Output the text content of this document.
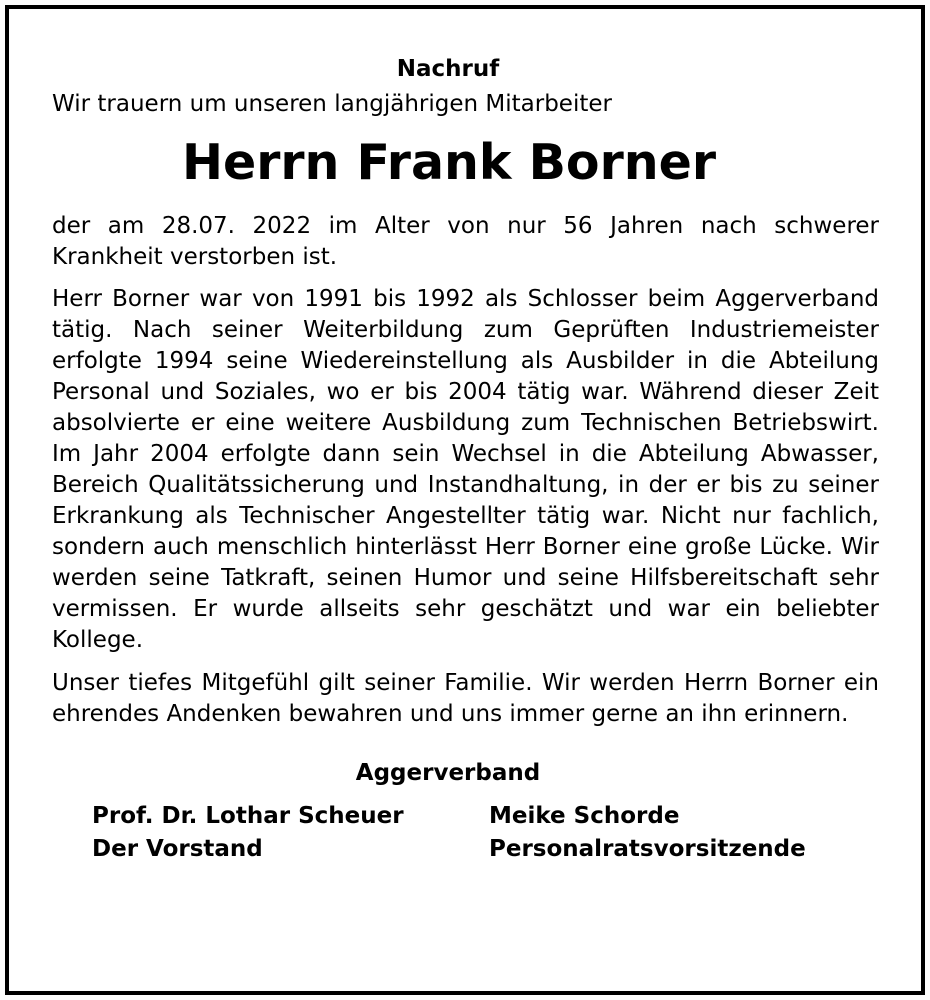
Nachruf
Wir trauern um unseren langjährigen Mitarbeiter
Herrn Frank Borner
der am 28.07. 2022 im Alter von nur 56 Jahren nach schwerer Krankheit verstorben ist.
Herr Borner war von 1991 bis 1992 als Schlosser beim Aggerverband tätig. Nach seiner Weiterbildung zum Geprüften Industriemeister erfolgte 1994 seine Wiedereinstellung als Ausbilder in die Abteilung Personal und Soziales, wo er bis 2004 tätig war. Während dieser Zeit absolvierte er eine weitere Ausbildung zum Technischen Betriebswirt. Im Jahr 2004 erfolgte dann sein Wechsel in die Abteilung Abwasser, Bereich Qualitätssicherung und Instandhaltung, in der er bis zu seiner Erkrankung als Technischer Angestellter tätig war. Nicht nur fachlich, sondern auch menschlich hinterlässt Herr Borner eine große Lücke. Wir werden seine Tatkraft, seinen Humor und seine Hilfsbereitschaft sehr vermissen. Er wurde allseits sehr geschätzt und war ein beliebter Kollege.
Unser tiefes Mitgefühl gilt seiner Familie. Wir werden Herrn Borner ein ehrendes Andenken bewahren und uns immer gerne an ihn erinnern.
Aggerverband
Prof. Dr. Lothar Scheuer
Der Vorstand
Meike Schorde
Personalratsvorsitzende
